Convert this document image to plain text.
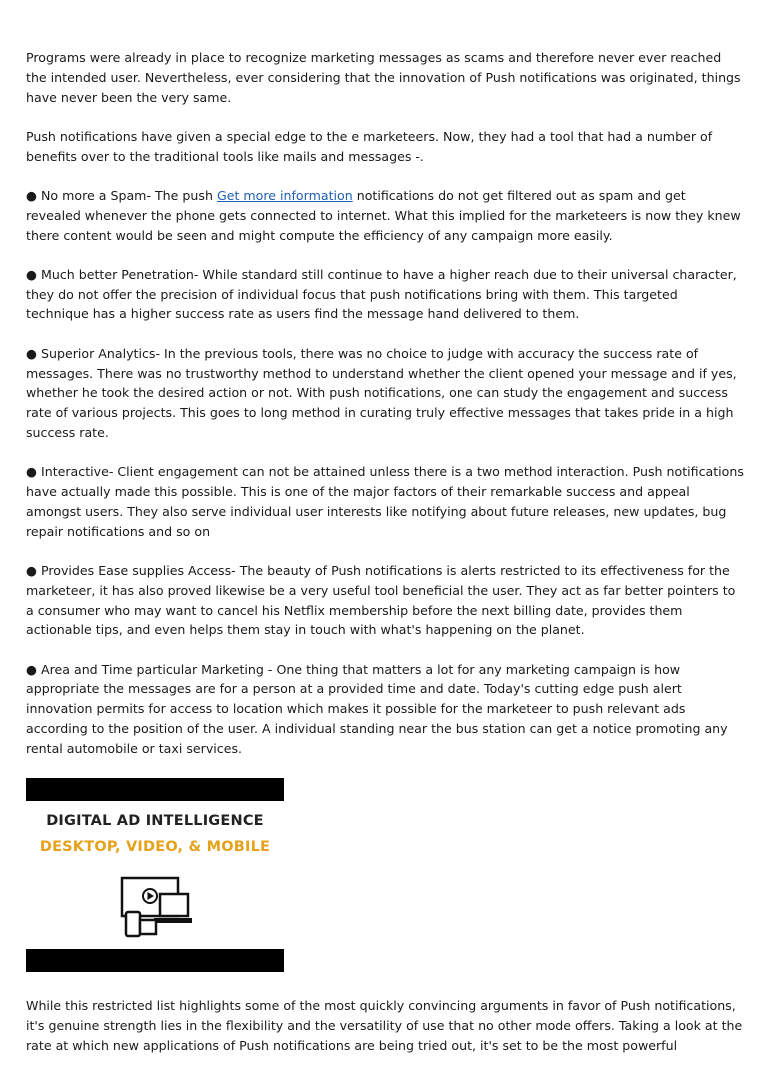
Programs were already in place to recognize marketing messages as scams and therefore never ever reached the intended user. Nevertheless, ever considering that the innovation of Push notifications was originated, things have never been the very same.

Push notifications have given a special edge to the e marketeers. Now, they had a tool that had a number of benefits over to the traditional tools like mails and messages -.

● No more a Spam- The push Get more information notifications do not get filtered out as spam and get revealed whenever the phone gets connected to internet. What this implied for the marketeers is now they knew there content would be seen and might compute the efficiency of any campaign more easily.

● Much better Penetration- While standard still continue to have a higher reach due to their universal character, they do not offer the precision of individual focus that push notifications bring with them. This targeted technique has a higher success rate as users find the message hand delivered to them.

● Superior Analytics- In the previous tools, there was no choice to judge with accuracy the success rate of messages. There was no trustworthy method to understand whether the client opened your message and if yes, whether he took the desired action or not. With push notifications, one can study the engagement and success rate of various projects. This goes to long method in curating truly effective messages that takes pride in a high success rate.

● Interactive- Client engagement can not be attained unless there is a two method interaction. Push notifications have actually made this possible. This is one of the major factors of their remarkable success and appeal amongst users. They also serve individual user interests like notifying about future releases, new updates, bug repair notifications and so on

● Provides Ease supplies Access- The beauty of Push notifications is alerts restricted to its effectiveness for the marketeer, it has also proved likewise be a very useful tool beneficial the user. They act as far better pointers to a consumer who may want to cancel his Netflix membership before the next billing date, provides them actionable tips, and even helps them stay in touch with what's happening on the planet.

● Area and Time particular Marketing - One thing that matters a lot for any marketing campaign is how appropriate the messages are for a person at a provided time and date. Today's cutting edge push alert innovation permits for access to location which makes it possible for the marketeer to push relevant ads according to the position of the user. A individual standing near the bus station can get a notice promoting any rental automobile or taxi services.

DIGITAL AD INTELLIGENCE
DESKTOP, VIDEO, & MOBILE

While this restricted list highlights some of the most quickly convincing arguments in favor of Push notifications, it's genuine strength lies in the flexibility and the versatility of use that no other mode offers. Taking a look at the rate at which new applications of Push notifications are being tried out, it's set to be the most powerful
